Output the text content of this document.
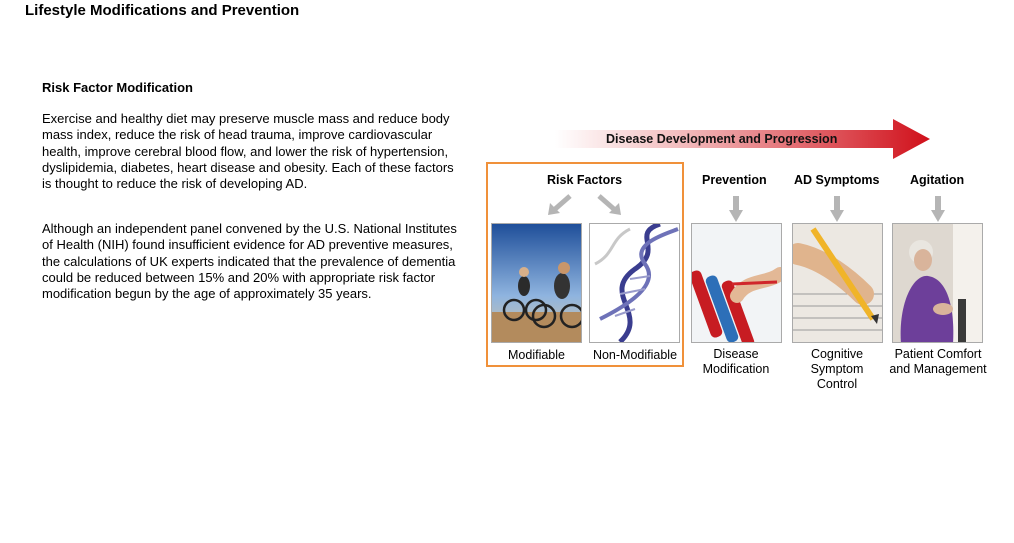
Lifestyle Modifications and Prevention
Risk Factor Modification

Exercise and healthy diet may preserve muscle mass and reduce body mass index, reduce the risk of head trauma, improve cardiovascular health, improve cerebral blood flow, and lower the risk of hypertension, dyslipidemia, diabetes, heart disease and obesity. Each of these factors is thought to reduce the risk of developing AD.

Although an independent panel convened by the U.S. National Institutes of Health (NIH) found insufficient evidence for AD preventive measures, the calculations of UK experts indicated that the prevalence of dementia could be reduced between 15% and 20% with appropriate risk factor modification begun by the age of approximately 35 years.

Disease Development and Progression
Risk Factors	Prevention AD Symptoms Agitation
Modifiable	Non-Modifiable	Disease
Modification
Cognitive
Symptom
Control
Patient Comfort
and Management
